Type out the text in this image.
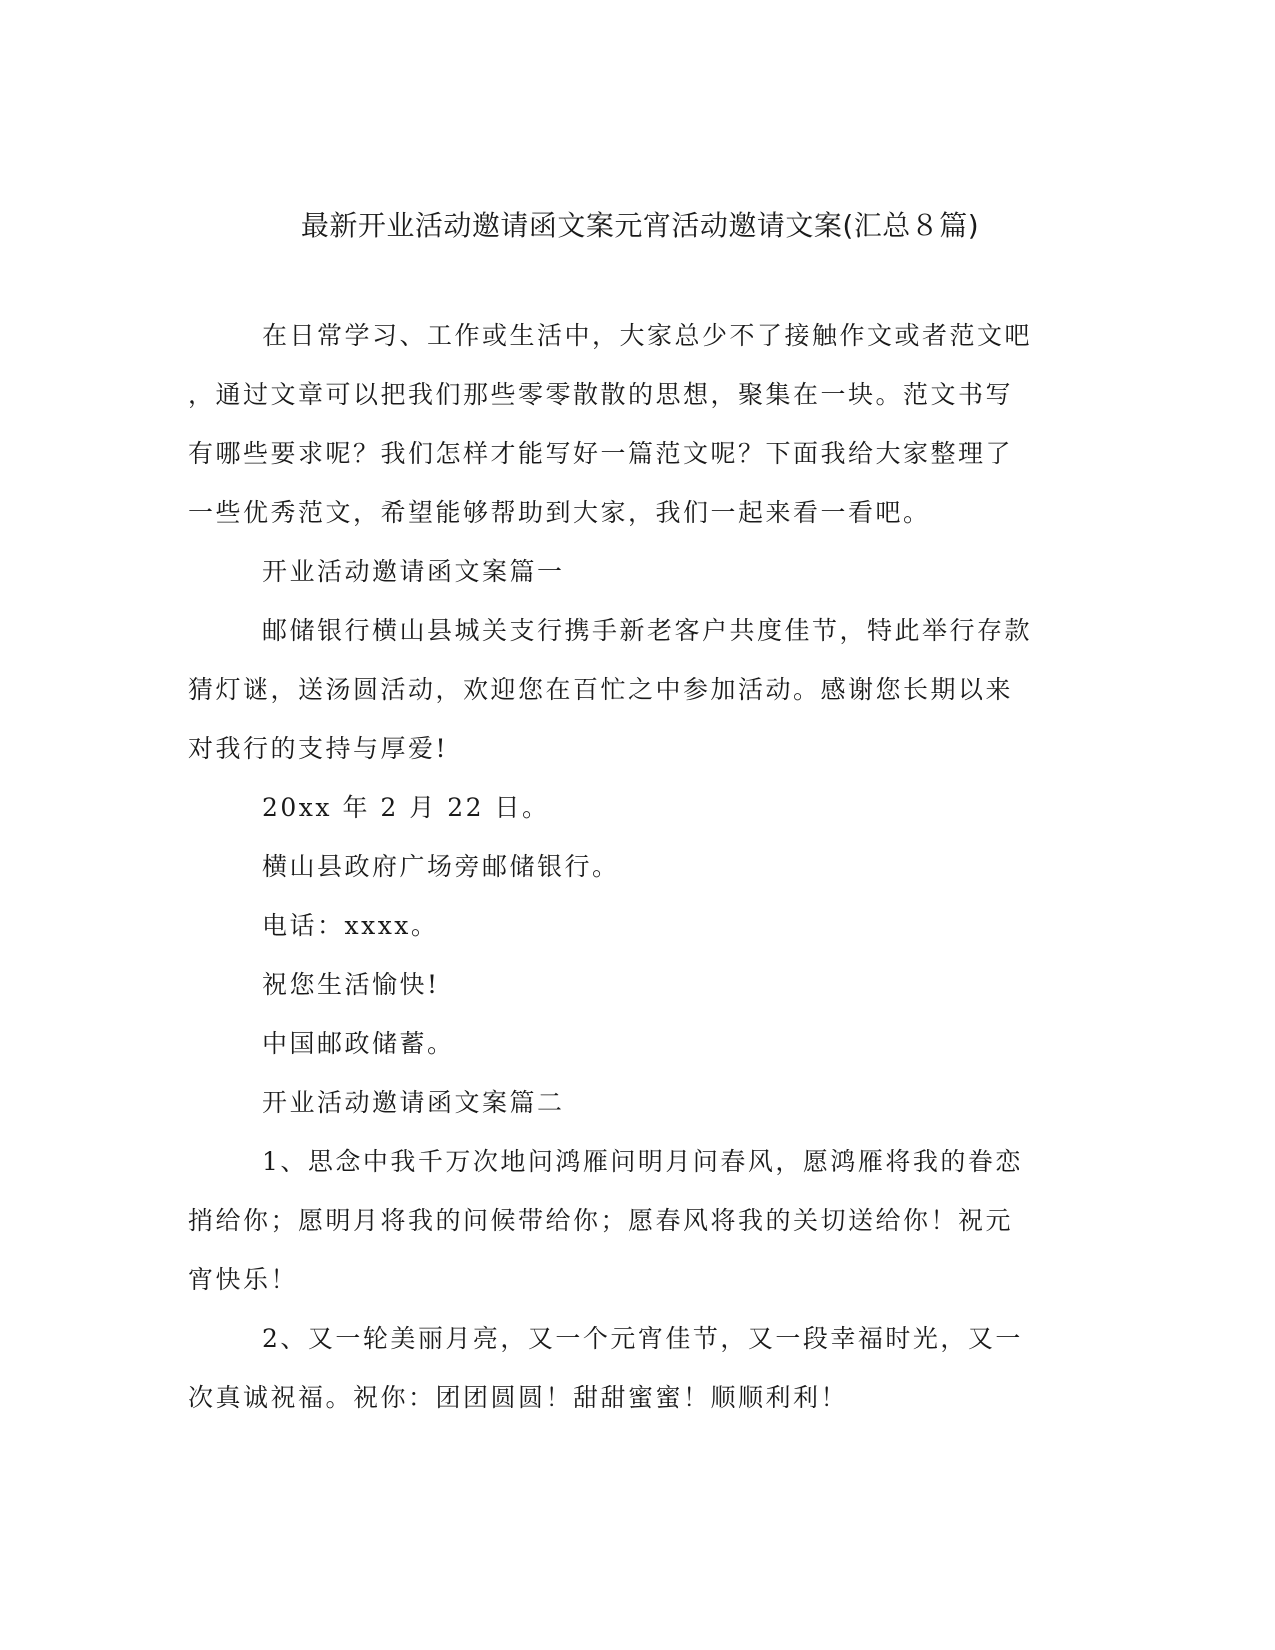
最新开业活动邀请函文案元宵活动邀请文案(汇总８篇)
在日常学习、工作或生活中，大家总少不了接触作文或者范文吧
，通过文章可以把我们那些零零散散的思想，聚集在一块。范文书写
有哪些要求呢？我们怎样才能写好一篇范文呢？下面我给大家整理了
一些优秀范文，希望能够帮助到大家，我们一起来看一看吧。
开业活动邀请函文案篇一
邮储银行横山县城关支行携手新老客户共度佳节，特此举行存款
猜灯谜，送汤圆活动，欢迎您在百忙之中参加活动。感谢您长期以来
对我行的支持与厚爱!
20xx 年 2 月 22 日。
横山县政府广场旁邮储银行。
电话：xxxx。
祝您生活愉快!
中国邮政储蓄。
开业活动邀请函文案篇二
1、思念中我千万次地问鸿雁问明月问春风，愿鸿雁将我的眷恋
捎给你；愿明月将我的问候带给你；愿春风将我的关切送给你！祝元
宵快乐！
2、又一轮美丽月亮，又一个元宵佳节，又一段幸福时光，又一
次真诚祝福。祝你：团团圆圆！甜甜蜜蜜！顺顺利利！
